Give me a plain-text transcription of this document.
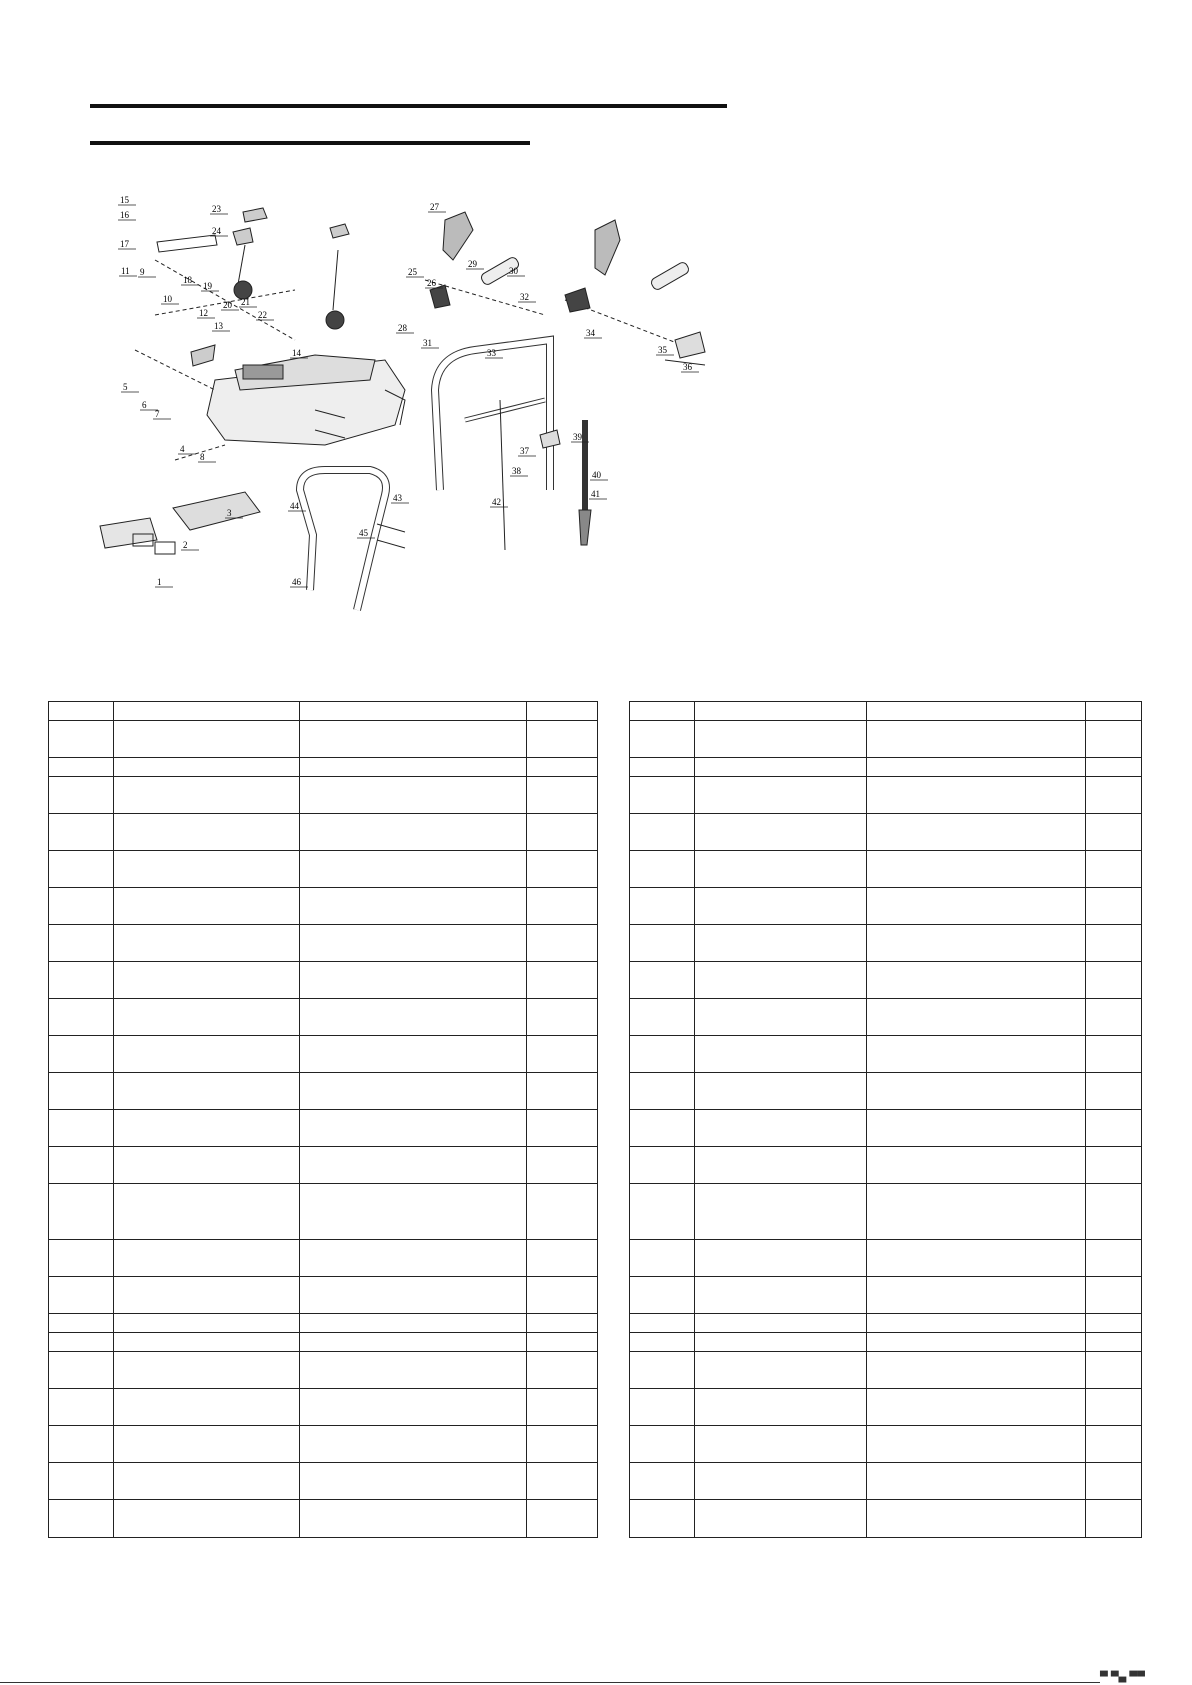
1
2
3
4
5
6
7
8
9
10
11
12
13
14
15
16
17
18
19
20 21
22
23
24
25
26
27
28
29
30
31
32
33
34
35
36
37
38
39
40
41
42
43
44
45
46

▀ ▀▄ ▀▀
